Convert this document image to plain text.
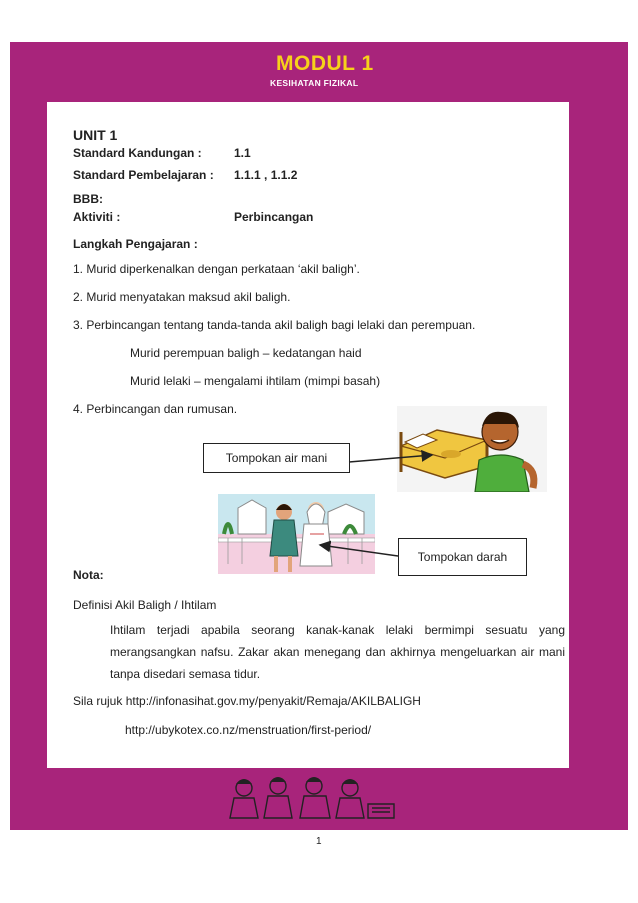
MODUL 1
KESIHATAN FIZIKAL
UNIT 1
Standard Kandungan :	1.1
Standard Pembelajaran : 1.1.1 , 1.1.2
BBB:
Aktiviti :	Perbincangan
Langkah Pengajaran :
1. Murid diperkenalkan dengan perkataan ‘akil baligh’.
2. Murid menyatakan maksud akil baligh.
3. Perbincangan tentang tanda-tanda akil baligh bagi lelaki dan perempuan.
Murid perempuan baligh – kedatangan haid
Murid lelaki – mengalami ihtilam (mimpi basah)
4. Perbincangan dan rumusan.
Tompokan air mani
Tompokan darah
Nota:
Definisi Akil Baligh / Ihtilam
Ihtilam terjadi apabila seorang kanak-kanak lelaki bermimpi sesuatu yang merangsangkan nafsu. Zakar akan menegang dan akhirnya mengeluarkan air mani tanpa disedari semasa tidur.
Sila rujuk http://infonasihat.gov.my/penyakit/Remaja/AKILBALIGH
http://ubykotex.co.nz/menstruation/first-period/
1
